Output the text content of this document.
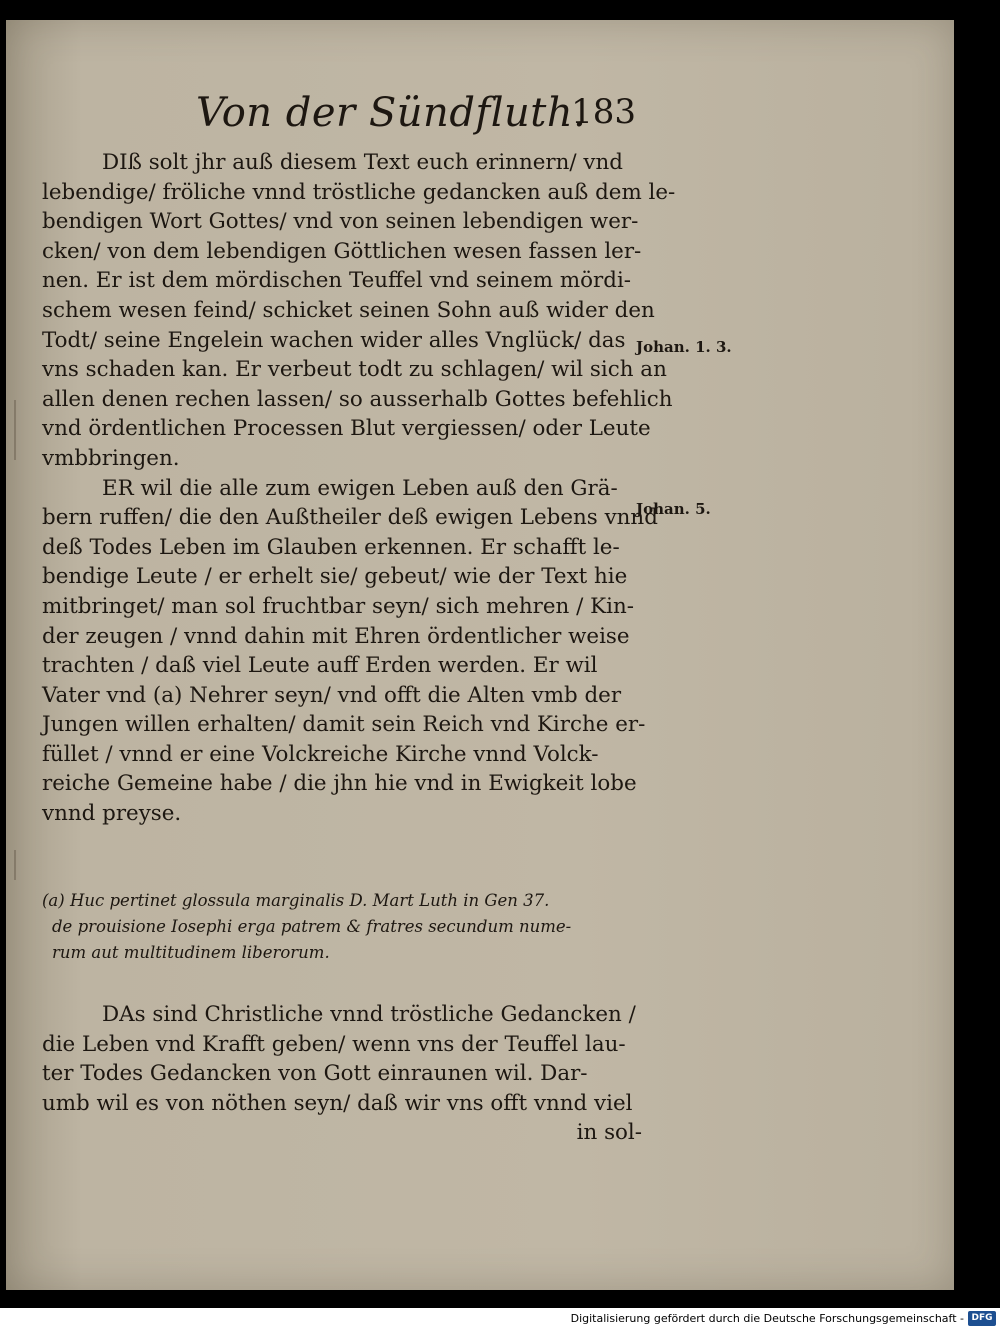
Von der Sündfluth.
183
DIß solt jhr auß diesem Text euch erinnern/ vnd
lebendige/ fröliche vnnd tröstliche gedancken auß dem le-
bendigen Wort Gottes/ vnd von seinen lebendigen wer-
cken/ von dem lebendigen Göttlichen wesen fassen ler-
nen. Er ist dem mördischen Teuffel vnd seinem mördi-
schem wesen feind/ schicket seinen Sohn auß wider den
Todt/ seine Engelein wachen wider alles Vnglück/ das
vns schaden kan. Er verbeut todt zu schlagen/ wil sich an
allen denen rechen lassen/ so ausserhalb Gottes befehlich
vnd ördentlichen Processen Blut vergiessen/ oder Leute
vmbbringen.
ER wil die alle zum ewigen Leben auß den Grä-
bern ruffen/ die den Außtheiler deß ewigen Lebens vnnd
deß Todes Leben im Glauben erkennen. Er schafft le-
bendige Leute / er erhelt sie/ gebeut/ wie der Text hie
mitbringet/ man sol fruchtbar seyn/ sich mehren / Kin-
der zeugen / vnnd dahin mit Ehren ördentlicher weise
trachten / daß viel Leute auff Erden werden. Er wil
Vater vnd (a) Nehrer seyn/ vnd offt die Alten vmb der
Jungen willen erhalten/ damit sein Reich vnd Kirche er-
füllet / vnnd er eine Volckreiche Kirche vnnd Volck-
reiche Gemeine habe / die jhn hie vnd in Ewigkeit lobe
vnnd preyse.
(a) Huc pertinet glossula marginalis D. Mart Luth in Gen 37.
de prouisione Iosephi erga patrem & fratres secundum nume-
rum aut multitudinem liberorum.
DAs sind Christliche vnnd tröstliche Gedancken /
die Leben vnd Krafft geben/ wenn vns der Teuffel lau-
ter Todes Gedancken von Gott einraunen wil. Dar-
umb wil es von nöthen seyn/ daß wir vns offt vnnd viel
in sol-
Johan. 1. 3.
Johan. 5.
Digitalisierung gefördert durch die Deutsche Forschungsgemeinschaft - DFG
